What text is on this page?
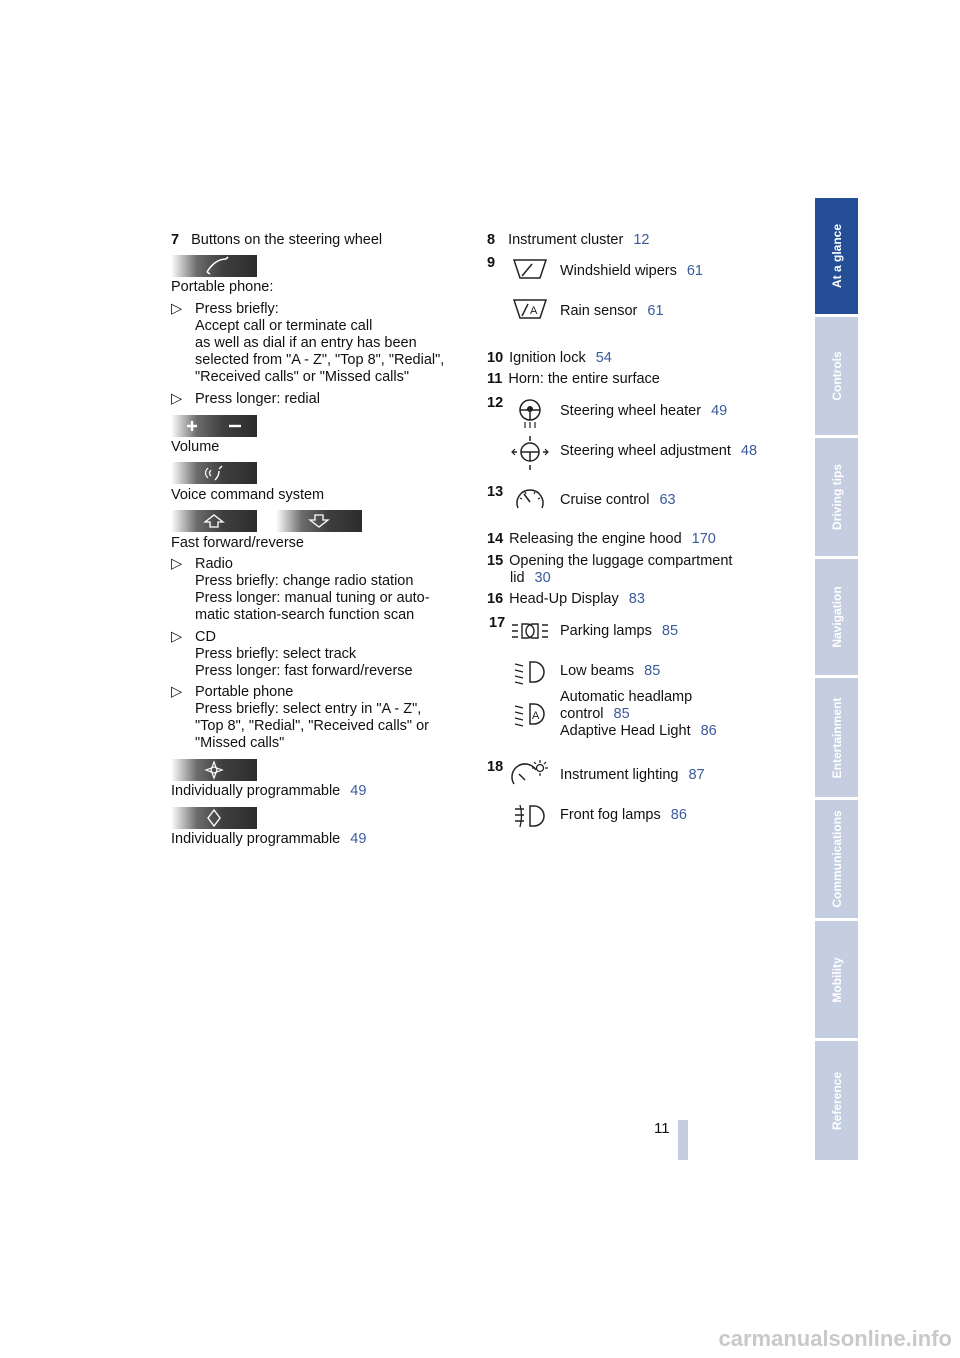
7 Buttons on the steering wheel
Portable phone:
▷ Press briefly:
Accept call or terminate call
as well as dial if an entry has been
selected from "A - Z", "Top 8", "Redial",
"Received calls" or "Missed calls"
▷ Press longer: redial
Volume
Voice command system
Fast forward/reverse
▷ Radio
Press briefly: change radio station
Press longer: manual tuning or auto-
matic station-search function scan
▷ CD
Press briefly: select track
Press longer: fast forward/reverse
▷ Portable phone
Press briefly: select entry in "A - Z",
"Top 8", "Redial", "Received calls" or
"Missed calls"
Individually programmable 49
Individually programmable 49
8 Instrument cluster 12
9	Windshield wipers 61
A Rain sensor 61
10 Ignition lock 54
11 Horn: the entire surface
12	Steering wheel heater 49
Steering wheel adjustment 48
13	Cruise control 63
14 Releasing the engine hood 170
15 Opening the luggage compartment
lid 30
16 Head-Up Display 83
17	Parking lamps 85
Low beams 85
A
Automatic headlamp
control 85
Adaptive Head Light 86
18	Instrument lighting 87
Front fog lamps 86
At a glance
Controls
Driving tips
Navigation
Entertainment
Communications
Mobility
Reference
11
carmanualsonline.info
